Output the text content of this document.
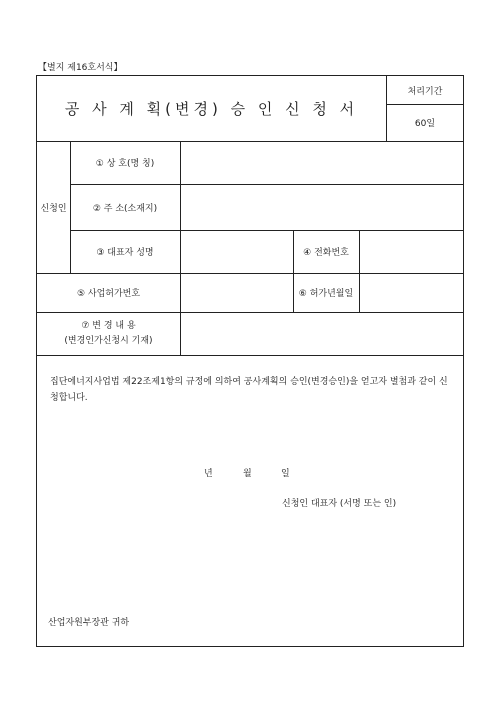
【별지 제16호서식】
공 사 계 획(변경) 승 인 신 청 서
처리기간
60일
신청인
① 상 호(명 칭)
② 주 소(소재지)
③ 대표자 성명	④ 전화번호
⑤ 사업허가번호	⑥ 허가년월일
⑦ 변 경 내 용
(변경인가신청시 기재)
집단에너지사업법 제22조제1항의 규정에 의하여 공사계획의 승인(변경승인)을 얻고자 별첨과 같이 신청합니다.
년	월	일
신청인 대표자 (서명 또는 인)
산업자원부장관 귀하
